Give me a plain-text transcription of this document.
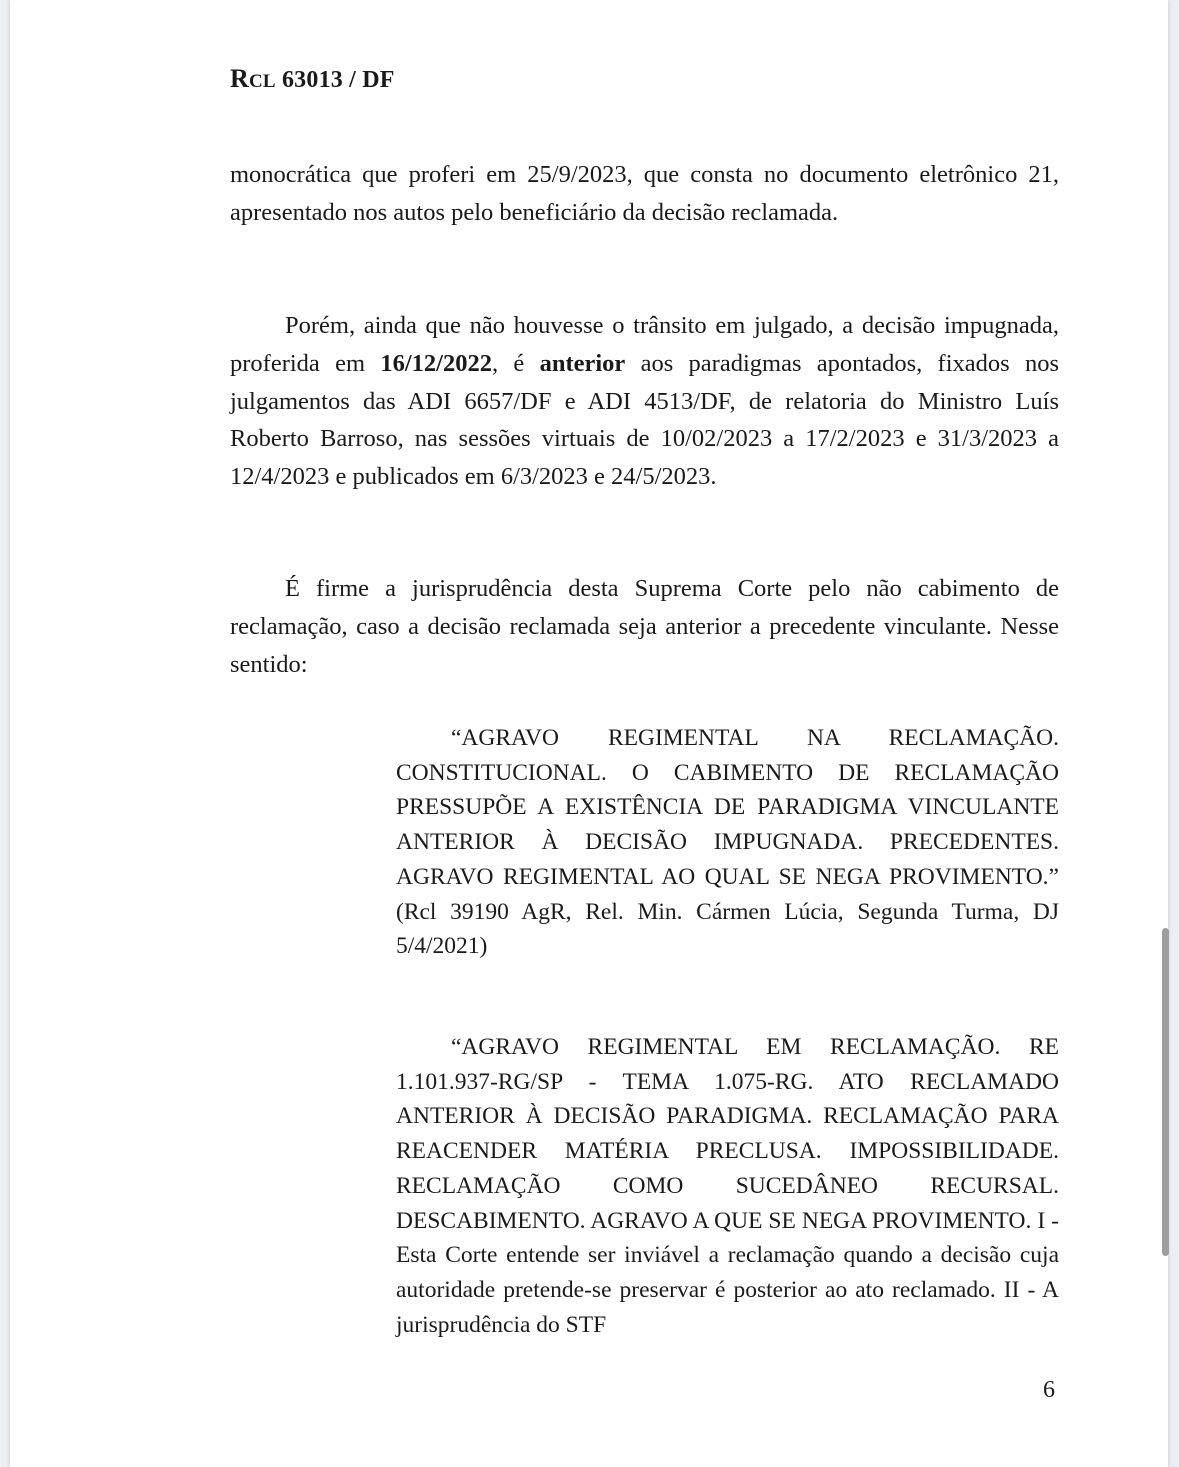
RCL 63013 / DF

monocrática que proferi em 25/9/2023, que consta no documento eletrônico 21, apresentado nos autos pelo beneficiário da decisão reclamada.

Porém, ainda que não houvesse o trânsito em julgado, a decisão impugnada, proferida em 16/12/2022, é anterior aos paradigmas apontados, fixados nos julgamentos das ADI 6657/DF e ADI 4513/DF, de relatoria do Ministro Luís Roberto Barroso, nas sessões virtuais de 10/02/2023 a 17/2/2023 e 31/3/2023 a 12/4/2023 e publicados em 6/3/2023 e 24/5/2023.

É firme a jurisprudência desta Suprema Corte pelo não cabimento de reclamação, caso a decisão reclamada seja anterior a precedente vinculante. Nesse sentido:

“AGRAVO REGIMENTAL NA RECLAMAÇÃO. CONSTITUCIONAL. O CABIMENTO DE RECLAMAÇÃO PRESSUPÕE A EXISTÊNCIA DE PARADIGMA VINCULANTE ANTERIOR À DECISÃO IMPUGNADA. PRECEDENTES. AGRAVO REGIMENTAL AO QUAL SE NEGA PROVIMENTO.” (Rcl 39190 AgR, Rel. Min. Cármen Lúcia, Segunda Turma, DJ 5/4/2021)

“AGRAVO REGIMENTAL EM RECLAMAÇÃO. RE 1.101.937-RG/SP - TEMA 1.075-RG. ATO RECLAMADO ANTERIOR À DECISÃO PARADIGMA. RECLAMAÇÃO PARA REACENDER MATÉRIA PRECLUSA. IMPOSSIBILIDADE. RECLAMAÇÃO COMO SUCEDÂNEO RECURSAL. DESCABIMENTO. AGRAVO A QUE SE NEGA PROVIMENTO. I - Esta Corte entende ser inviável a reclamação quando a decisão cuja autoridade pretende-se preservar é posterior ao ato reclamado. II - A jurisprudência do STF

6
